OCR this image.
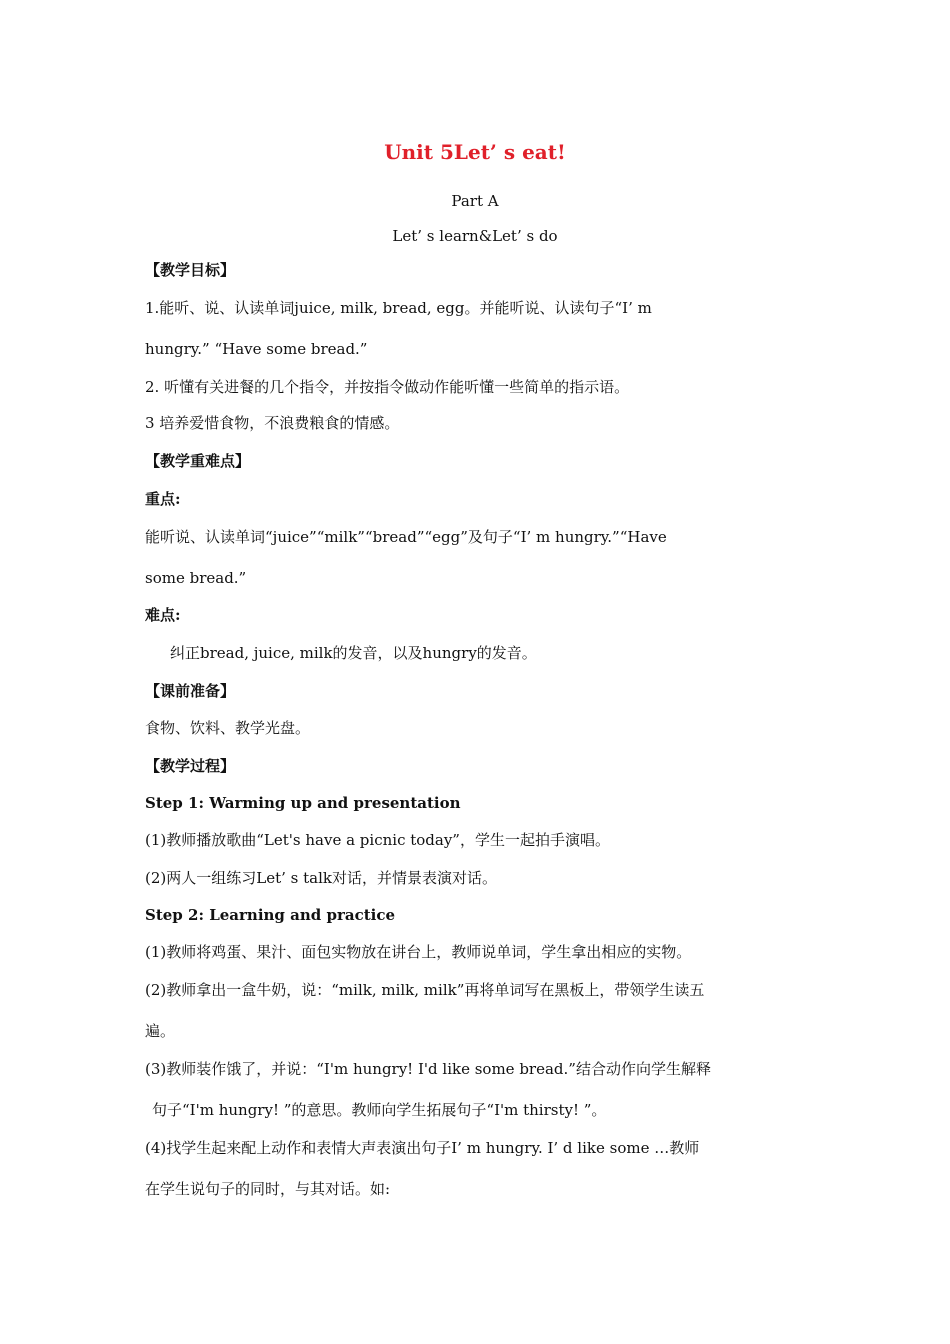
Unit 5Let’ s eat!
Part A
Let’ s learn&Let’ s do
【教学目标】
1.能听、说、认读单词juice, milk, bread, egg。并能听说、认读句子“I’ m
hungry.” “Have some bread.”
2. 听懂有关进餐的几个指令，并按指令做动作能听懂一些简单的指示语。
3 培养爱惜食物，不浪费粮食的情感。
【教学重难点】
重点:
能听说、认读单词“juice”“milk”“bread”“egg”及句子“I’ m hungry.”“Have
some bread.”
难点:
纠正bread, juice, milk的发音，以及hungry的发音。
【课前准备】
食物、饮料、教学光盘。
【教学过程】
Step 1: Warming up and presentation
(1)教师播放歌曲“Let's have a picnic today”，学生一起拍手演唱。
(2)两人一组练习Let’ s talk对话，并情景表演对话。
Step 2: Learning and practice
(1)教师将鸡蛋、果汁、面包实物放在讲台上，教师说单词，学生拿出相应的实物。
(2)教师拿出一盒牛奶，说：“milk, milk, milk”再将单词写在黑板上，带领学生读五
遍。
(3)教师装作饿了，并说：“I'm hungry! I'd like some bread.”结合动作向学生解释
句子“I'm hungry! ”的意思。教师向学生拓展句子“I'm thirsty! ”。
(4)找学生起来配上动作和表情大声表演出句子I’ m hungry. I’ d like some …教师
在学生说句子的同时，与其对话。如:
